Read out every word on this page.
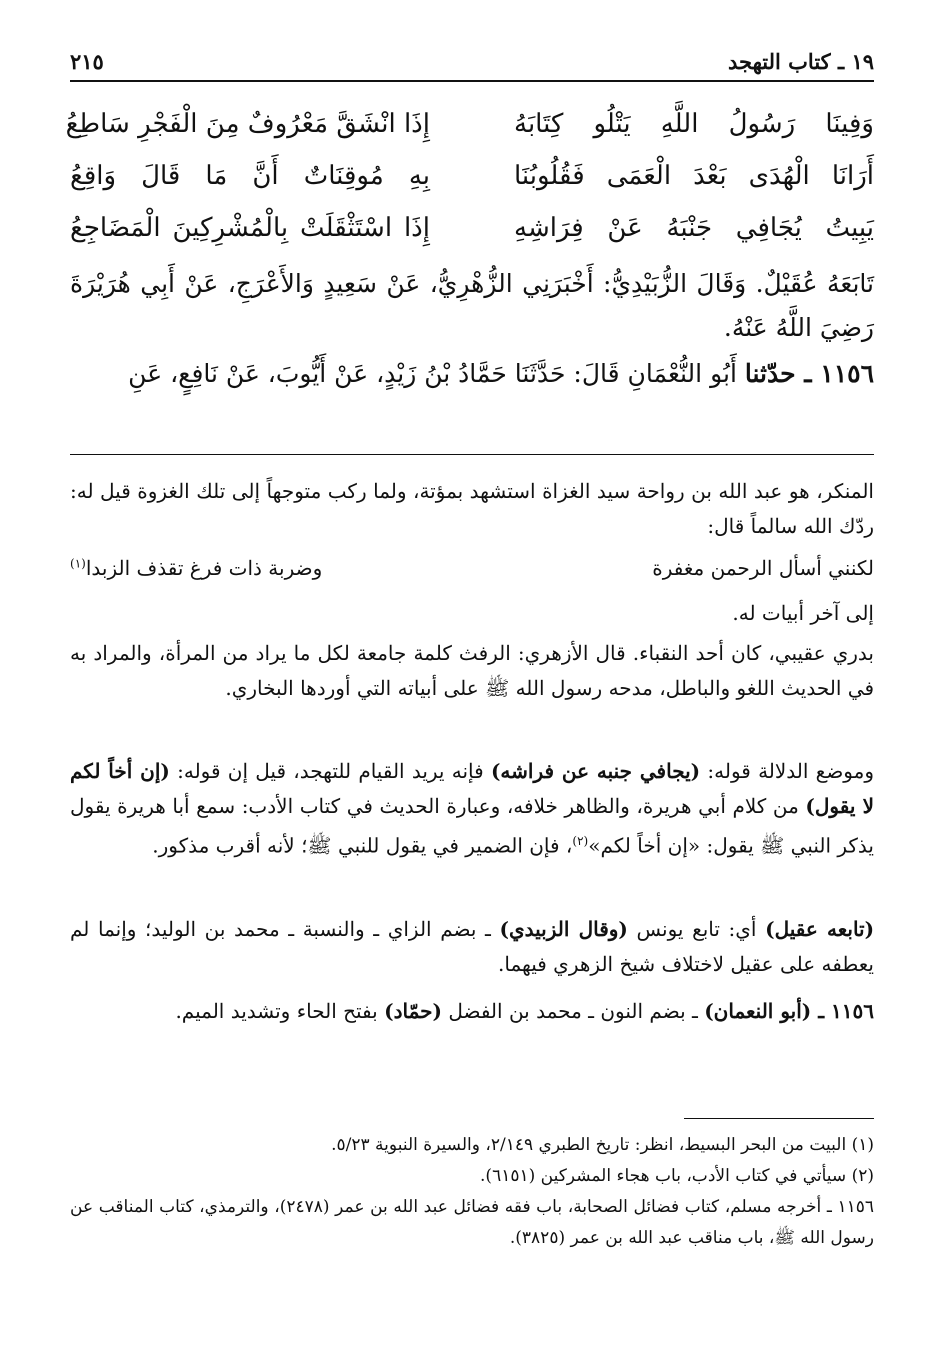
١٩ ـ كتاب التهجد
٢١٥
وَفِينَا رَسُولُ اللَّهِ يَتْلُو كِتَابَهُ
إِذَا انْشَقَّ مَعْرُوفٌ مِنَ الْفَجْرِ سَاطِعُ
أَرَانَا الْهُدَى بَعْدَ الْعَمَى فَقُلُوبُنَا
بِهِ مُوقِنَاتٌ أَنَّ مَا قَالَ وَاقِعُ
يَبِيتُ يُجَافِي جَنْبَهُ عَنْ فِرَاشِهِ
إِذَا اسْتَثْقَلَتْ بِالْمُشْرِكِينَ الْمَضَاجِعُ
تَابَعَهُ عُقَيْلٌ. وَقَالَ الزُّبَيْدِيُّ: أَخْبَرَنِي الزُّهْرِيُّ، عَنْ سَعِيدٍ وَالأَعْرَجِ، عَنْ أَبِي هُرَيْرَةَ رَضِيَ اللَّهُ عَنْهُ.
١١٥٦ ـ حدّثنا أَبُو النُّعْمَانِ قَالَ: حَدَّثَنَا حَمَّادُ بْنُ زَيْدٍ، عَنْ أَيُّوبَ، عَنْ نَافِعٍ، عَنِ

المنكر، هو عبد الله بن رواحة سيد الغزاة استشهد بمؤتة، ولما ركب متوجهاً إلى تلك الغزوة قيل له: ردّك الله سالماً قال:

لكنني أسأل الرحمن مغفرة
وضربة ذات فرغ تقذف الزبدا$^{(١)}$

إلى آخر أبيات له.

بدري عقيبي، كان أحد النقباء. قال الأزهري: الرفث كلمة جامعة لكل ما يراد من المرأة، والمراد به في الحديث اللغو والباطل، مدحه رسول الله ﷺ على أبياته التي أوردها البخاري.

وموضع الدلالة قوله: (يجافي جنبه عن فراشه) فإنه يريد القيام للتهجد، قيل إن قوله: (إن أخاً لكم لا يقول) من كلام أبي هريرة، والظاهر خلافه، وعبارة الحديث في كتاب الأدب: سمع أبا هريرة يقول يذكر النبي ﷺ يقول: «إن أخاً لكم»$^{(٢)}$، فإن الضمير في يقول للنبي ﷺ؛ لأنه أقرب مذكور.

(تابعه عقيل) أي: تابع يونس (وقال الزبيدي) ـ بضم الزاي ـ والنسبة ـ محمد بن الوليد؛ وإنما لم يعطفه على عقيل لاختلاف شيخ الزهري فيهما.

١١٥٦ ـ (أبو النعمان) ـ بضم النون ـ محمد بن الفضل (حمّاد) بفتح الحاء وتشديد الميم.

(١) البيت من البحر البسيط، انظر: تاريخ الطبري ٢/١٤٩، والسيرة النبوية ٥/٢٣.

(٢) سيأتي في كتاب الأدب، باب هجاء المشركين (٦١٥١).

١١٥٦ ـ أخرجه مسلم، كتاب فضائل الصحابة، باب فقه فضائل عبد الله بن عمر (٢٤٧٨)، والترمذي، كتاب المناقب عن رسول الله ﷺ، باب مناقب عبد الله بن عمر (٣٨٢٥).
